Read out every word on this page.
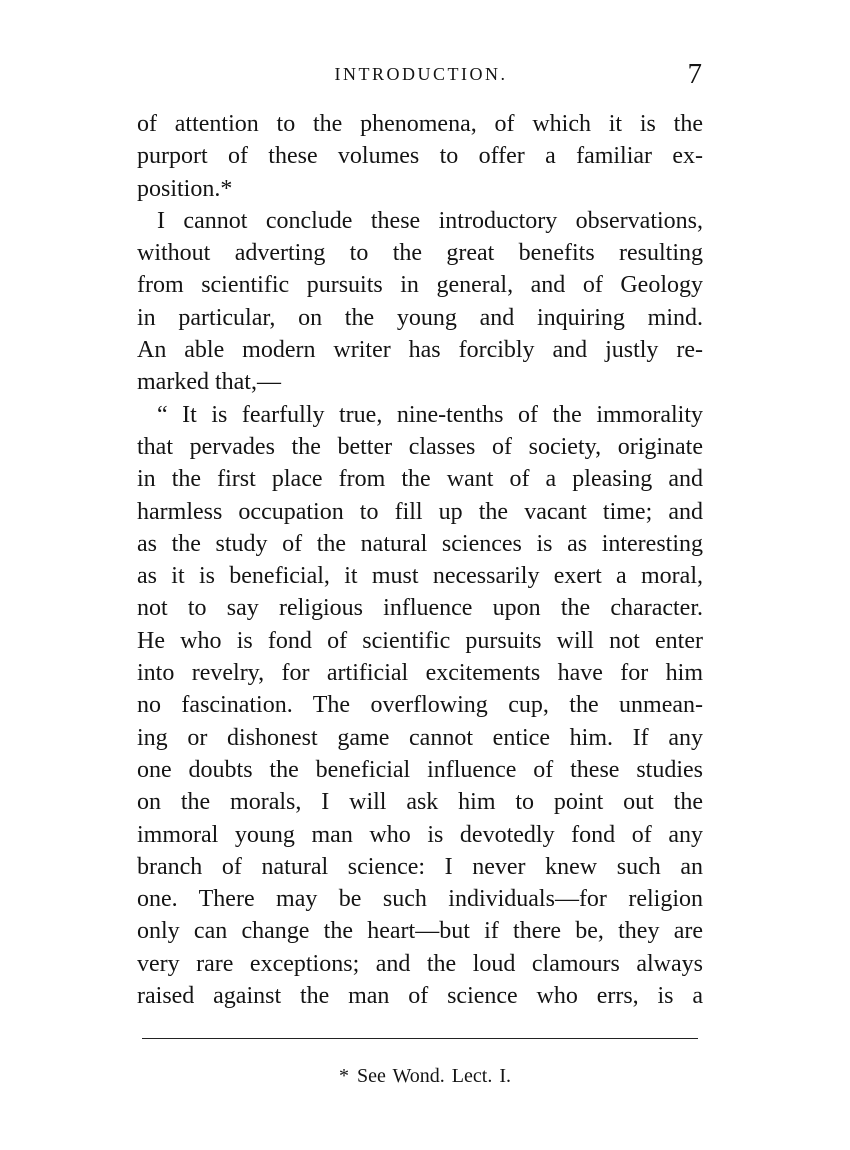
INTRODUCTION.	7
of attention to the phenomena, of which it is the
purport of these volumes to offer a familiar ex-
position.*
I cannot conclude these introductory observations,
without adverting to the great benefits resulting
from scientific pursuits in general, and of Geology
in particular, on the young and inquiring mind.
An able modern writer has forcibly and justly re-
marked that,—
“ It is fearfully true, nine-tenths of the immorality
that pervades the better classes of society, originate
in the first place from the want of a pleasing and
harmless occupation to fill up the vacant time; and
as the study of the natural sciences is as interesting
as it is beneficial, it must necessarily exert a moral,
not to say religious influence upon the character.
He who is fond of scientific pursuits will not enter
into revelry, for artificial excitements have for him
no fascination. The overflowing cup, the unmean-
ing or dishonest game cannot entice him. If any
one doubts the beneficial influence of these studies
on the morals, I will ask him to point out the
immoral young man who is devotedly fond of any
branch of natural science: I never knew such an
one. There may be such individuals—for religion
only can change the heart—but if there be, they are
very rare exceptions; and the loud clamours always
raised against the man of science who errs, is a
* See Wond. Lect. I.
